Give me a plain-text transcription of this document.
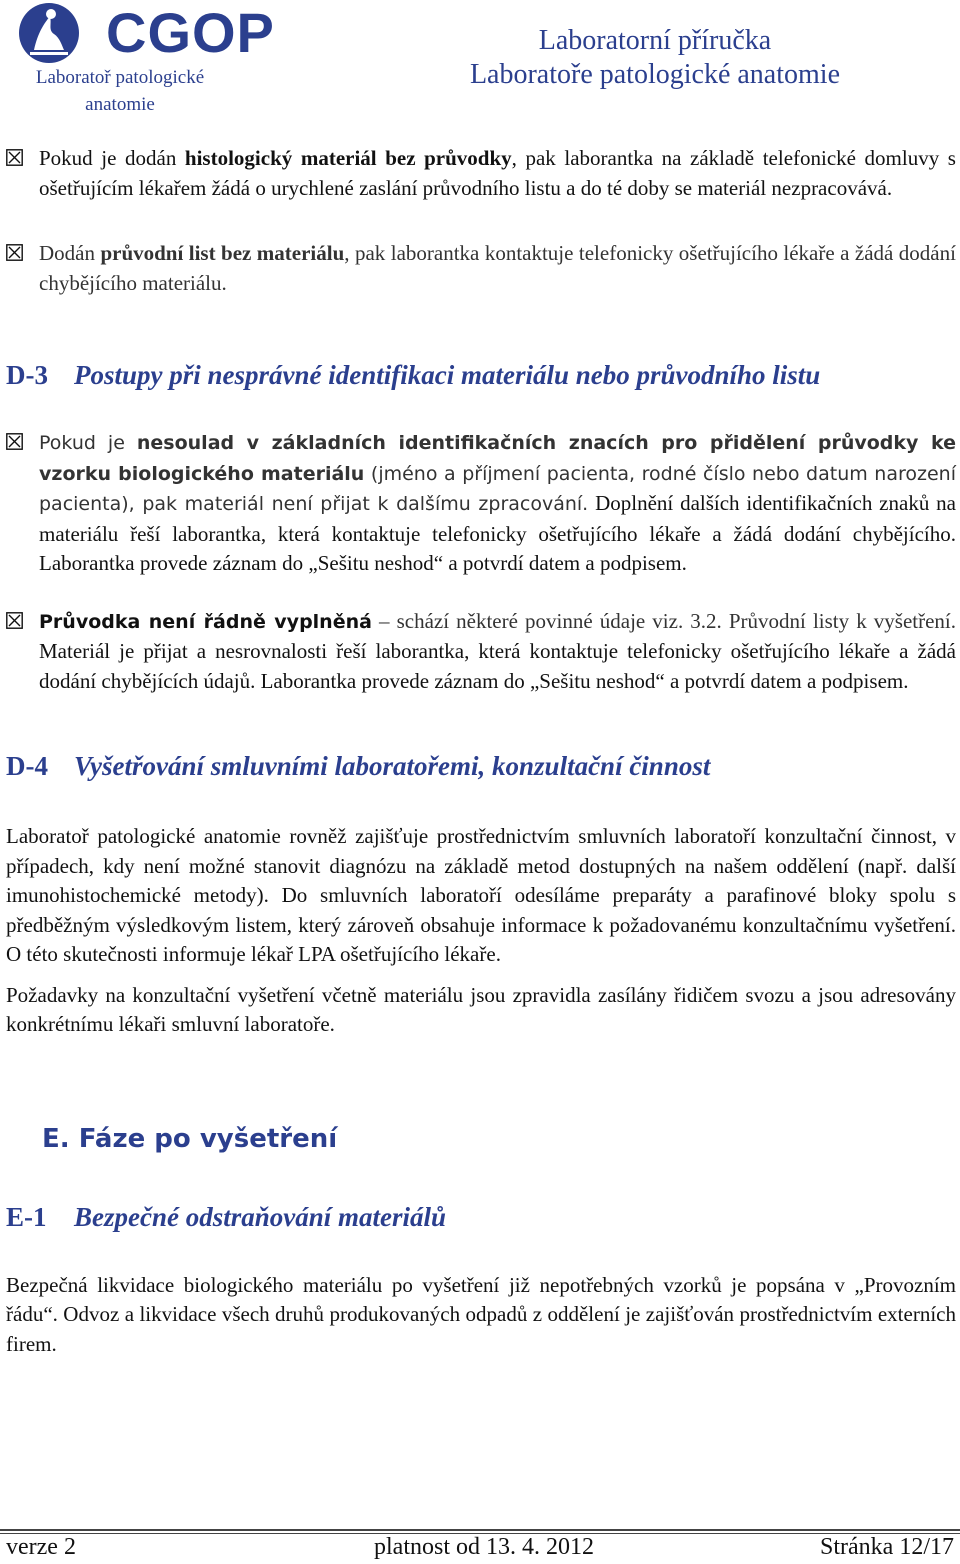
CGOP
Laboratoř patologické anatomie
Laboratorní příručka
Laboratoře patologické anatomie

Pokud je dodán histologický materiál bez průvodky, pak laborantka na základě telefonické domluvy s ošetřujícím lékařem žádá o urychlené zaslání průvodního listu a do té doby se materiál nezpracovává.

Dodán průvodní list bez materiálu, pak laborantka kontaktuje telefonicky ošetřujícího lékaře a žádá dodání chybějícího materiálu.

D-3 Postupy při nesprávné identifikaci materiálu nebo průvodního listu

Pokud je nesoulad v základních identifikačních znacích pro přidělení průvodky ke vzorku biologického materiálu (jméno a příjmení pacienta, rodné číslo nebo datum narození pacienta), pak materiál není přijat k dalšímu zpracování. Doplnění dalších identifikačních znaků na materiálu řeší laborantka, která kontaktuje telefonicky ošetřujícího lékaře a žádá dodání chybějícího. Laborantka provede záznam do „Sešitu neshod“ a potvrdí datem a podpisem.

Průvodka není řádně vyplněná – schází některé povinné údaje viz. 3.2. Průvodní listy k vyšetření. Materiál je přijat a nesrovnalosti řeší laborantka, která kontaktuje telefonicky ošetřujícího lékaře a žádá dodání chybějících údajů. Laborantka provede záznam do „Sešitu neshod“ a potvrdí datem a podpisem.

D-4 Vyšetřování smluvními laboratořemi, konzultační činnost

Laboratoř patologické anatomie rovněž zajišťuje prostřednictvím smluvních laboratoří konzultační činnost, v případech, kdy není možné stanovit diagnózu na základě metod dostupných na našem oddělení (např. další imunohistochemické metody). Do smluvních laboratoří odesíláme preparáty a parafinové bloky spolu s předběžným výsledkovým listem, který zároveň obsahuje informace k požadovanému konzultačnímu vyšetření. O této skutečnosti informuje lékař LPA ošetřujícího lékaře.

Požadavky na konzultační vyšetření včetně materiálu jsou zpravidla zasílány řidičem svozu a jsou adresovány konkrétnímu lékaři smluvní laboratoře.

E. Fáze po vyšetření
E-1 Bezpečné odstraňování materiálů

Bezpečná likvidace biologického materiálu po vyšetření již nepotřebných vzorků je popsána v „Provozním řádu“. Odvoz a likvidace všech druhů produkovaných odpadů z oddělení je zajišťován prostřednictvím externích firem.

verze 2	platnost od 13. 4. 2012	Stránka 12/17
